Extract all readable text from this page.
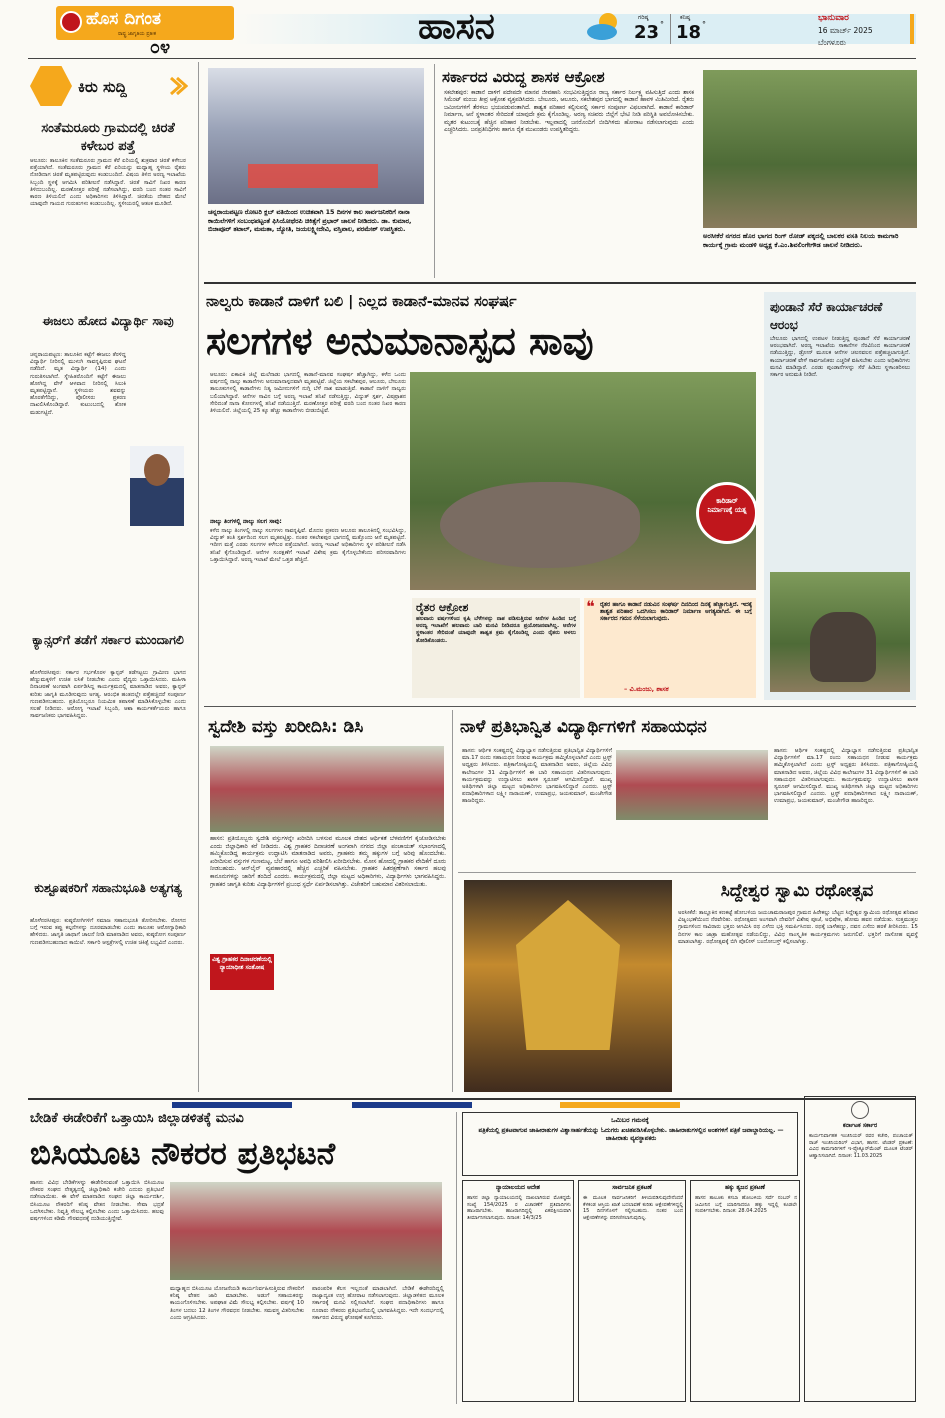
ಹೊಸ ದಿಗಂತ
ರಾಷ್ಟ್ರ ಜಾಗೃತಿಯ ಪ್ರತೀಕ
೦೪
ಹಾಸನ	ಗರಿಷ್ಠ
23 °
ಕನಿಷ್ಠ
18 °
ಭಾನುವಾರ
16 ಮಾರ್ಚ್ 2025
ಬೆಂಗಳೂರು
ಕಿರು ಸುದ್ದಿ
ಸಂತೆಮರೂರು ಗ್ರಾಮದಲ್ಲಿ ಚಿರತೆ ಕಳೇಬರ ಪತ್ತೆ
ಆಲೂರು: ತಾಲೂಕಿನ ಸಂತೆಮರೂರು ಗ್ರಾಮದ ಕೆರೆ ಏರಿಯಲ್ಲಿ ಶುಕ್ರವಾರ ಚಿರತೆ ಕಳೇಬರ ಪತ್ತೆಯಾಗಿದೆ. ಸಂತೆಮರೂರು ಗ್ರಾಮದ ಕೆರೆ ಏರಿಯನ್ನು ಮಧ್ಯಾಹ್ನ ಸ್ಥಳೀಯ ರೈತರು ನೋಡಿದಾಗ ಚಿರತೆ ಮೃತಪಟ್ಟಿರುವುದು ಕಂಡುಬಂದಿದೆ. ವಿಷಯ ತಿಳಿದ ಅರಣ್ಯ ಇಲಾಖೆಯ ಸಿಬ್ಬಂದಿ ಸ್ಥಳಕ್ಕೆ ಆಗಮಿಸಿ ಪರಿಶೀಲನೆ ನಡೆಸಿದ್ದಾರೆ. ಚಿರತೆ ಸಾವಿಗೆ ನಿಖರ ಕಾರಣ ತಿಳಿದುಬಂದಿಲ್ಲ. ಮರಣೋತ್ತರ ಪರೀಕ್ಷೆ ನಡೆಸಲಾಗಿದ್ದು, ವರದಿ ಬಂದ ನಂತರ ಸಾವಿಗೆ ಕಾರಣ ತಿಳಿಯಲಿದೆ ಎಂದು ಅಧಿಕಾರಿಗಳು ತಿಳಿಸಿದ್ದಾರೆ. ಚಿರತೆಯ ದೇಹದ ಮೇಲೆ ಯಾವುದೇ ಗಾಯದ ಗುರುತುಗಳು ಕಂಡುಬಂದಿಲ್ಲ. ಸ್ಥಳೀಯರಲ್ಲಿ ಆತಂಕ ಮೂಡಿದೆ.
ಈಜಲು ಹೋದ ವಿದ್ಯಾರ್ಥಿ ಸಾವು
ಚನ್ನರಾಯಪಟ್ಟಣ: ತಾಲೂಕಿನ ಕಟ್ಟೆಗೆ ಈಜಲು ತೆರಳಿದ್ದ ವಿದ್ಯಾರ್ಥಿ ನೀರಿನಲ್ಲಿ ಮುಳುಗಿ ಸಾವನ್ನಪ್ಪಿರುವ ಘಟನೆ ನಡೆದಿದೆ. ಮೃತ ವಿದ್ಯಾರ್ಥಿ (14) ಎಂದು ಗುರುತಿಸಲಾಗಿದೆ. ಸ್ನೇಹಿತರೊಂದಿಗೆ ಕಟ್ಟೆಗೆ ಈಜಲು ಹೋಗಿದ್ದ ವೇಳೆ ಆಳವಾದ ನೀರಿನಲ್ಲಿ ಸಿಲುಕಿ ಮೃತಪಟ್ಟಿದ್ದಾನೆ. ಸ್ಥಳೀಯರು ಶವವನ್ನು ಹೊರತೆಗೆದಿದ್ದು, ಪೊಲೀಸರು ಪ್ರಕರಣ ದಾಖಲಿಸಿಕೊಂಡಿದ್ದಾರೆ. ಕುಟುಂಬದಲ್ಲಿ ಶೋಕ ಮಡುಗಟ್ಟಿದೆ.
ಕ್ಯಾನ್ಸರ್‌ಗೆ ತಡೆಗೆ ಸರ್ಕಾರ ಮುಂದಾಗಲಿ
ಹೊಳೆನರಸೀಪುರ: ಸರ್ಕಾರ ಗರ್ಭಕೊರಳ ಕ್ಯಾನ್ಸರ್ ತಡೆಗಟ್ಟಲು ಗ್ರಾಮೀಣ ಭಾಗದ ಹೆಣ್ಣುಮಕ್ಕಳಿಗೆ ಉಚಿತ ಲಸಿಕೆ ನೀಡಬೇಕು ಎಂದು ವೈದ್ಯರು ಒತ್ತಾಯಿಸಿದರು. ಮಹಿಳಾ ದಿನಾಚರಣೆ ಅಂಗವಾಗಿ ಏರ್ಪಡಿಸಿದ್ದ ಕಾರ್ಯಕ್ರಮದಲ್ಲಿ ಮಾತನಾಡಿದ ಅವರು, ಕ್ಯಾನ್ಸರ್ ಕುರಿತು ಜಾಗೃತಿ ಮೂಡಿಸುವುದು ಅಗತ್ಯ. ಆರಂಭಿಕ ಹಂತದಲ್ಲೇ ಪತ್ತೆಹಚ್ಚಿದರೆ ಸಂಪೂರ್ಣ ಗುಣಪಡಿಸಬಹುದು. ಪ್ರತಿಯೊಬ್ಬರೂ ನಿಯಮಿತ ತಪಾಸಣೆ ಮಾಡಿಸಿಕೊಳ್ಳಬೇಕು ಎಂದು ಸಲಹೆ ನೀಡಿದರು. ಆರೋಗ್ಯ ಇಲಾಖೆ ಸಿಬ್ಬಂದಿ, ಆಶಾ ಕಾರ್ಯಕರ್ತೆಯರು ಹಾಗೂ ಸಾರ್ವಜನಿಕರು ಭಾಗವಹಿಸಿದ್ದರು.
ಕುಶ್ಟೂಷಕರಿಗೆ ಸಹಾನುಭೂತಿ ಅತ್ಯಗತ್ಯ
ಹೊಳೆನರಸೀಪುರ: ಕುಷ್ಠರೋಗಿಗಳಿಗೆ ಸಮಾಜ ಸಹಾನುಭೂತಿ ತೋರಿಸಬೇಕು. ರೋಗದ ಬಗ್ಗೆ ಇರುವ ತಪ್ಪು ಕಲ್ಪನೆಗಳನ್ನು ದೂರಮಾಡಬೇಕು ಎಂದು ತಾಲೂಕು ಆರೋಗ್ಯಾಧಿಕಾರಿ ಹೇಳಿದರು. ಜಾಗೃತಿ ಜಾಥಾಗೆ ಚಾಲನೆ ನೀಡಿ ಮಾತನಾಡಿದ ಅವರು, ಕುಷ್ಠರೋಗ ಸಂಪೂರ್ಣ ಗುಣಪಡಿಸಬಹುದಾದ ಕಾಯಿಲೆ. ಸರ್ಕಾರಿ ಆಸ್ಪತ್ರೆಗಳಲ್ಲಿ ಉಚಿತ ಚಿಕಿತ್ಸೆ ಲಭ್ಯವಿದೆ ಎಂದರು.
ಚನ್ನರಾಯಪಟ್ಟಣ ರೋಟರಿ ಕ್ಲಬ್ ವತಿಯಿಂದ ಉಚಿತವಾಗಿ 15 ದಿನಗಳ ಕಾಲ ಸಾರ್ವಜನಿಕರಿಗೆ ನಾನಾ ಕಾಯಿಲೆಗಳಿಗೆ ಸಂಬಂಧಪಟ್ಟಂತೆ ಫಿಸಿಯೋಥೆರಪಿ ಚಿಕಿತ್ಸೆಗೆ ಪ್ರಭಾರ್ ಚಾಲನೆ ನೀಡಿದರು. ಡಾ. ಕುಮಾರ, ಬಿಜಾಪೂರ್ ತಟಾಲ್, ಮಮತಾ, ಜ್ಯೋತಿ, ಜಯಲಕ್ಷ್ಮೀದೇವಿ, ವಸ್ತಿಪಾಲ, ಪರಮೇಶ್ ಉಪಸ್ಥಿತರು.
ಸರ್ಕಾರದ ವಿರುದ್ಧ ಶಾಸಕ ಆಕ್ರೋಶ
ಸಕಲೇಶಪುರ: ಕಾಡಾನೆ ದಾಳಿಗೆ ಪದೇಪದೇ ಮಾನವ ಜೀವಹಾನಿ ಸಂಭವಿಸುತ್ತಿದ್ದರೂ ರಾಜ್ಯ ಸರ್ಕಾರ ನಿರ್ಲಕ್ಷ್ಯ ವಹಿಸುತ್ತಿದೆ ಎಂದು ಶಾಸಕ ಸಿಮೆಂಟ್ ಮಂಜು ತೀವ್ರ ಆಕ್ರೋಶ ವ್ಯಕ್ತಪಡಿಸಿದರು. ಬೇಲೂರು, ಆಲೂರು, ಸಕಲೇಶಪುರ ಭಾಗದಲ್ಲಿ ಕಾಡಾನೆ ಹಾವಳಿ ಮಿತಿಮೀರಿದೆ. ರೈತರು ಜಮೀನುಗಳಿಗೆ ತೆರಳಲು ಭಯಪಡುವಂತಾಗಿದೆ. ಶಾಶ್ವತ ಪರಿಹಾರ ಕಲ್ಪಿಸುವಲ್ಲಿ ಸರ್ಕಾರ ಸಂಪೂರ್ಣ ವಿಫಲವಾಗಿದೆ. ಕಾಡಾನೆ ಕಾರಿಡಾರ್ ನಿರ್ಮಾಣ, ಆನೆ ಸ್ಥಳಾಂತರ ಸೇರಿದಂತೆ ಯಾವುದೇ ಕ್ರಮ ಕೈಗೊಂಡಿಲ್ಲ. ಅರಣ್ಯ ಸಚಿವರು ಜಿಲ್ಲೆಗೆ ಭೇಟಿ ನೀಡಿ ಪರಿಸ್ಥಿತಿ ಅವಲೋಕಿಸಬೇಕು. ಮೃತರ ಕುಟುಂಬಕ್ಕೆ ಹೆಚ್ಚಿನ ಪರಿಹಾರ ನೀಡಬೇಕು. ಇಲ್ಲವಾದಲ್ಲಿ ಜನರೊಂದಿಗೆ ಬೀದಿಗಿಳಿದು ಹೋರಾಟ ನಡೆಸಲಾಗುವುದು ಎಂದು ಎಚ್ಚರಿಸಿದರು. ಜನಪ್ರತಿನಿಧಿಗಳು ಹಾಗೂ ರೈತ ಮುಖಂಡರು ಉಪಸ್ಥಿತರಿದ್ದರು.
ಅರಸೀಕೆರೆ ನಗರದ ಹೊರ ಭಾಗದ ರಿಂಗ್ ರೋಡ್ ಪಕ್ಕದಲ್ಲಿ ಬಾಲಕರ ವಸತಿ ನಿಲಯ ಕಾಮಗಾರಿ ಕಾರ್ಯಕ್ಕೆ ಗ್ರಾಮ ಮಂಡಳಿ ಅಧ್ಯಕ್ಷ ಕೆ.ಎಂ.ಶಿವಲಿಂಗೇಗೌಡ ಚಾಲನೆ ನೀಡಿದರು.
ನಾಲ್ವರು ಕಾಡಾನೆ ದಾಳಿಗೆ ಬಲಿ | ನಿಲ್ಲದ ಕಾಡಾನೆ-ಮಾನವ ಸಂಘರ್ಷ
ಸಲಗಗಳ ಅನುಮಾನಾಸ್ಪದ ಸಾವು
ಆಲೂರು: ಏಕಾಏಕಿ ಜಿಲ್ಲೆ ಮಲೆನಾಡು ಭಾಗದಲ್ಲಿ ಕಾಡಾನೆ-ಮಾನವ ಸಂಘರ್ಷ ಹೆಚ್ಚಾಗಿದ್ದು, ಕಳೆದ ಒಂದು ವರ್ಷದಲ್ಲಿ ನಾಲ್ಕು ಕಾಡಾನೆಗಳು ಅನುಮಾನಾಸ್ಪದವಾಗಿ ಮೃತಪಟ್ಟಿವೆ. ಜಿಲ್ಲೆಯ ಸಕಲೇಶಪುರ, ಆಲೂರು, ಬೇಲೂರು ತಾಲೂಕುಗಳಲ್ಲಿ ಕಾಡಾನೆಗಳು ನಿತ್ಯ ಜಮೀನುಗಳಿಗೆ ನುಗ್ಗಿ ಬೆಳೆ ನಾಶ ಮಾಡುತ್ತಿವೆ. ಕಾಡಾನೆ ದಾಳಿಗೆ ನಾಲ್ವರು ಬಲಿಯಾಗಿದ್ದಾರೆ. ಆನೆಗಳ ಸಾವಿನ ಬಗ್ಗೆ ಅರಣ್ಯ ಇಲಾಖೆ ತನಿಖೆ ನಡೆಸುತ್ತಿದ್ದು, ವಿದ್ಯುತ್ ಸ್ಪರ್ಶ, ವಿಷಪ್ರಾಶನ ಸೇರಿದಂತೆ ನಾನಾ ಕೋನಗಳಲ್ಲಿ ತನಿಖೆ ನಡೆಯುತ್ತಿದೆ. ಮರಣೋತ್ತರ ಪರೀಕ್ಷೆ ವರದಿ ಬಂದ ನಂತರ ನಿಖರ ಕಾರಣ ತಿಳಿಯಲಿದೆ. ಜಿಲ್ಲೆಯಲ್ಲಿ 25 ಕ್ಕೂ ಹೆಚ್ಚು ಕಾಡಾನೆಗಳು ಬೀಡುಬಿಟ್ಟಿವೆ.
ನಾಲ್ಕು ತಿಂಗಳಲ್ಲಿ ನಾಲ್ಕು ಸಲಗ ಸಾವು:
ಕಳೆದ ನಾಲ್ಕು ತಿಂಗಳಲ್ಲಿ ನಾಲ್ಕು ಸಲಗಗಳು ಸಾವನ್ನಪ್ಪಿವೆ. ಮೊದಲ ಪ್ರಕರಣ ಆಲೂರು ತಾಲೂಕಿನಲ್ಲಿ ಸಂಭವಿಸಿದ್ದು, ವಿದ್ಯುತ್ ತಂತಿ ಸ್ಪರ್ಶದಿಂದ ಸಲಗ ಮೃತಪಟ್ಟಿತ್ತು. ನಂತರ ಸಕಲೇಶಪುರ ಭಾಗದಲ್ಲಿ ಮತ್ತೊಂದು ಆನೆ ಮೃತಪಟ್ಟಿದೆ. ಇದೀಗ ಮತ್ತೆ ಎರಡು ಸಲಗಗಳ ಕಳೇಬರ ಪತ್ತೆಯಾಗಿದೆ. ಅರಣ್ಯ ಇಲಾಖೆ ಅಧಿಕಾರಿಗಳು ಸ್ಥಳ ಪರಿಶೀಲನೆ ನಡೆಸಿ ತನಿಖೆ ಕೈಗೊಂಡಿದ್ದಾರೆ. ಆನೆಗಳ ಸಂರಕ್ಷಣೆಗೆ ಇಲಾಖೆ ವಿಶೇಷ ಕ್ರಮ ಕೈಗೊಳ್ಳಬೇಕೆಂದು ಪರಿಸರವಾದಿಗಳು ಒತ್ತಾಯಿಸಿದ್ದಾರೆ. ಅರಣ್ಯ ಇಲಾಖೆ ಮೇಲೆ ಒತ್ತಡ ಹೆಚ್ಚಿದೆ.
ಕಾರಿಡಾರ್ ನಿರ್ಮಾಣಕ್ಕೆ ಯತ್ನ
ರೈತರ ಆಕ್ರೋಶ
ಹಲವಾರು ವರ್ಷಗಳಿಂದ ಕೃಷಿ ಬೆಳೆಗಳನ್ನು ನಾಶ ಪಡಿಸುತ್ತಿರುವ ಆನೆಗಳ ಹಿಂಡಿನ ಬಗ್ಗೆ ಅರಣ್ಯ ಇಲಾಖೆಗೆ ಹಲವಾರು ಬಾರಿ ಮನವಿ ನೀಡಿದರೂ ಪ್ರಯೋಜನವಾಗಿಲ್ಲ. ಆನೆಗಳ ಸ್ಥಳಾಂತರ ಸೇರಿದಂತೆ ಯಾವುದೇ ಶಾಶ್ವತ ಕ್ರಮ ಕೈಗೊಂಡಿಲ್ಲ ಎಂದು ರೈತರು ಅಳಲು ತೋಡಿಕೊಂಡರು.
❝ ರೈತರ ಹಾಗೂ ಕಾಡಾನೆ ನಡುವಿನ ಸಂಘರ್ಷ ದಿನದಿಂದ ದಿನಕ್ಕೆ ಹೆಚ್ಚಾಗುತ್ತಿದೆ. ಇದಕ್ಕೆ ಶಾಶ್ವತ ಪರಿಹಾರ ಒದಗಿಸಲು ಕಾರಿಡಾರ್ ನಿರ್ಮಾಣ ಅಗತ್ಯವಾಗಿದೆ. ಈ ಬಗ್ಗೆ ಸರ್ಕಾರದ ಗಮನ ಸೆಳೆಯಲಾಗುವುದು.
– ವಿ.ಮಂಜು, ಶಾಸಕ
ಪುಂಡಾನೆ ಸೆರೆ ಕಾರ್ಯಾಚರಣೆ ಆರಂಭ
ಬೇಲೂರು ಭಾಗದಲ್ಲಿ ಉಪಟಳ ನೀಡುತ್ತಿದ್ದ ಪುಂಡಾನೆ ಸೆರೆ ಕಾರ್ಯಾಚರಣೆ ಆರಂಭವಾಗಿದೆ. ಅರಣ್ಯ ಇಲಾಖೆಯ ಸಾಕಾನೆಗಳ ನೆರವಿನಿಂದ ಕಾರ್ಯಾಚರಣೆ ನಡೆಯುತ್ತಿದ್ದು, ಡ್ರೋನ್ ಮೂಲಕ ಆನೆಗಳ ಚಲನವಲನ ಪತ್ತೆಹಚ್ಚಲಾಗುತ್ತಿದೆ. ಕಾರ್ಯಾಚರಣೆ ವೇಳೆ ಸಾರ್ವಜನಿಕರು ಎಚ್ಚರಿಕೆ ವಹಿಸಬೇಕು ಎಂದು ಅಧಿಕಾರಿಗಳು ಮನವಿ ಮಾಡಿದ್ದಾರೆ. ಎರಡು ಪುಂಡಾನೆಗಳನ್ನು ಸೆರೆ ಹಿಡಿದು ಸ್ಥಳಾಂತರಿಸಲು ಸರ್ಕಾರ ಅನುಮತಿ ನೀಡಿದೆ.
ಸ್ವದೇಶಿ ವಸ್ತು ಖರೀದಿಸಿ: ಡಿಸಿ
ಹಾಸನ: ಪ್ರತಿಯೊಬ್ಬರು ಸ್ವದೇಶಿ ವಸ್ತುಗಳನ್ನೇ ಖರೀದಿಸಿ ಬಳಸುವ ಮೂಲಕ ದೇಶದ ಆರ್ಥಿಕತೆ ಬೆಳವಣಿಗೆಗೆ ಕೈಜೋಡಿಸಬೇಕು ಎಂದು ಜಿಲ್ಲಾಧಿಕಾರಿ ಕರೆ ನೀಡಿದರು. ವಿಶ್ವ ಗ್ರಾಹಕರ ದಿನಾಚರಣೆ ಅಂಗವಾಗಿ ನಗರದ ಜಿಲ್ಲಾ ಪಂಚಾಯತ್ ಸಭಾಂಗಣದಲ್ಲಿ ಹಮ್ಮಿಕೊಂಡಿದ್ದ ಕಾರ್ಯಕ್ರಮ ಉದ್ಘಾಟಿಸಿ ಮಾತನಾಡಿದ ಅವರು, ಗ್ರಾಹಕರು ತಮ್ಮ ಹಕ್ಕುಗಳ ಬಗ್ಗೆ ಅರಿವು ಹೊಂದಬೇಕು. ಖರೀದಿಸುವ ವಸ್ತುಗಳ ಗುಣಮಟ್ಟ, ಬೆಲೆ ಹಾಗೂ ಅವಧಿ ಪರಿಶೀಲಿಸಿ ಖರೀದಿಸಬೇಕು. ಮೋಸ ಹೋದಲ್ಲಿ ಗ್ರಾಹಕರ ವೇದಿಕೆಗೆ ದೂರು ನೀಡಬಹುದು. ಆನ್‌ಲೈನ್ ವ್ಯವಹಾರದಲ್ಲಿ ಹೆಚ್ಚಿನ ಎಚ್ಚರಿಕೆ ವಹಿಸಬೇಕು. ಗ್ರಾಹಕರ ಹಿತರಕ್ಷಣೆಗಾಗಿ ಸರ್ಕಾರ ಹಲವು ಕಾನೂನುಗಳನ್ನು ಜಾರಿಗೆ ತಂದಿದೆ ಎಂದರು. ಕಾರ್ಯಕ್ರಮದಲ್ಲಿ ಜಿಲ್ಲಾ ಮಟ್ಟದ ಅಧಿಕಾರಿಗಳು, ವಿದ್ಯಾರ್ಥಿಗಳು ಭಾಗವಹಿಸಿದ್ದರು. ಗ್ರಾಹಕರ ಜಾಗೃತಿ ಕುರಿತು ವಿದ್ಯಾರ್ಥಿಗಳಿಗೆ ಪ್ರಬಂಧ ಸ್ಪರ್ಧೆ ಏರ್ಪಡಿಸಲಾಗಿತ್ತು. ವಿಜೇತರಿಗೆ ಬಹುಮಾನ ವಿತರಿಸಲಾಯಿತು.
ವಿಶ್ವ ಗ್ರಾಹಕರ ದಿನಾಚರಣೆಯಲ್ಲಿ ನ್ಯಾಯಾಧೀಶ ಸಂತೋಷ
ನಾಳೆ ಪ್ರತಿಭಾನ್ವಿತ ವಿದ್ಯಾರ್ಥಿಗಳಿಗೆ ಸಹಾಯಧನ
ಹಾಸನ: ಆರ್ಥಿಕ ಸಂಕಷ್ಟದಲ್ಲಿ ವಿದ್ಯಾಭ್ಯಾಸ ನಡೆಸುತ್ತಿರುವ ಪ್ರತಿಭಾನ್ವಿತ ವಿದ್ಯಾರ್ಥಿಗಳಿಗೆ ಮಾ.17 ರಂದು ಸಹಾಯಧನ ನೀಡುವ ಕಾರ್ಯಕ್ರಮ ಹಮ್ಮಿಕೊಳ್ಳಲಾಗಿದೆ ಎಂದು ಟ್ರಸ್ಟ್ ಅಧ್ಯಕ್ಷರು ತಿಳಿಸಿದರು. ಪತ್ರಿಕಾಗೋಷ್ಠಿಯಲ್ಲಿ ಮಾತನಾಡಿದ ಅವರು, ಜಿಲ್ಲೆಯ ವಿವಿಧ ಕಾಲೇಜುಗಳ 31 ವಿದ್ಯಾರ್ಥಿಗಳಿಗೆ ಈ ಬಾರಿ ಸಹಾಯಧನ ವಿತರಿಸಲಾಗುವುದು. ಕಾರ್ಯಕ್ರಮವನ್ನು ಉದ್ಘಾಟಿಸಲು ಶಾಸಕ ಸ್ವರೂಪ್ ಆಗಮಿಸಲಿದ್ದಾರೆ. ಮುಖ್ಯ ಅತಿಥಿಗಳಾಗಿ ಜಿಲ್ಲಾ ಮಟ್ಟದ ಅಧಿಕಾರಿಗಳು ಭಾಗವಹಿಸಲಿದ್ದಾರೆ ಎಂದರು. ಟ್ರಸ್ಟ್ ಪದಾಧಿಕಾರಿಗಳಾದ ಲಕ್ಷ್ಮೀ ನಾರಾಯಣ್, ಉಮಾಪ್ರಭ, ಜಯಕುಮಾರ್, ಮಂಜೇಗೌಡ ಹಾಜರಿದ್ದರು.
ಹಾಸನ: ಆರ್ಥಿಕ ಸಂಕಷ್ಟದಲ್ಲಿ ವಿದ್ಯಾಭ್ಯಾಸ ನಡೆಸುತ್ತಿರುವ ಪ್ರತಿಭಾನ್ವಿತ ವಿದ್ಯಾರ್ಥಿಗಳಿಗೆ ಮಾ.17 ರಂದು ಸಹಾಯಧನ ನೀಡುವ ಕಾರ್ಯಕ್ರಮ ಹಮ್ಮಿಕೊಳ್ಳಲಾಗಿದೆ ಎಂದು ಟ್ರಸ್ಟ್ ಅಧ್ಯಕ್ಷರು ತಿಳಿಸಿದರು. ಪತ್ರಿಕಾಗೋಷ್ಠಿಯಲ್ಲಿ ಮಾತನಾಡಿದ ಅವರು, ಜಿಲ್ಲೆಯ ವಿವಿಧ ಕಾಲೇಜುಗಳ 31 ವಿದ್ಯಾರ್ಥಿಗಳಿಗೆ ಈ ಬಾರಿ ಸಹಾಯಧನ ವಿತರಿಸಲಾಗುವುದು. ಕಾರ್ಯಕ್ರಮವನ್ನು ಉದ್ಘಾಟಿಸಲು ಶಾಸಕ ಸ್ವರೂಪ್ ಆಗಮಿಸಲಿದ್ದಾರೆ. ಮುಖ್ಯ ಅತಿಥಿಗಳಾಗಿ ಜಿಲ್ಲಾ ಮಟ್ಟದ ಅಧಿಕಾರಿಗಳು ಭಾಗವಹಿಸಲಿದ್ದಾರೆ ಎಂದರು. ಟ್ರಸ್ಟ್ ಪದಾಧಿಕಾರಿಗಳಾದ ಲಕ್ಷ್ಮೀ ನಾರಾಯಣ್, ಉಮಾಪ್ರಭ, ಜಯಕುಮಾರ್, ಮಂಜೇಗೌಡ ಹಾಜರಿದ್ದರು.
ಸಿದ್ದೇಶ್ವರ ಸ್ವಾಮಿ ರಥೋತ್ಸವ
ಅರಸೀಕೆರೆ: ತಾಲ್ಲೂಕಿನ ಕಣಕಟ್ಟೆ ಹೋಬಳಿಯ ಜಯಚಾಮರಾಜಪುರ ಗ್ರಾಮದ ಹಿರೇಕಲ್ಲು ಬೆಟ್ಟದ ಸಿದ್ದೇಶ್ವರ ಸ್ವಾಮಿಯ ರಥೋತ್ಸವ ಶನಿವಾರ ವಿಜೃಂಭಣೆಯಿಂದ ನೆರವೇರಿತು. ರಥೋತ್ಸವದ ಅಂಗವಾಗಿ ದೇವರಿಗೆ ವಿಶೇಷ ಪೂಜೆ, ಅಭಿಷೇಕ, ಹೋಮ ಹವನ ನಡೆಯಿತು. ಸುತ್ತಮುತ್ತಲ ಗ್ರಾಮಗಳಿಂದ ಸಾವಿರಾರು ಭಕ್ತರು ಆಗಮಿಸಿ ರಥ ಎಳೆದು ಭಕ್ತಿ ಸಮರ್ಪಿಸಿದರು. ರಥಕ್ಕೆ ಬಾಳೆಹಣ್ಣು, ದವನ ಎಸೆದು ಹರಕೆ ತೀರಿಸಿದರು. 15 ದಿನಗಳ ಕಾಲ ಜಾತ್ರಾ ಮಹೋತ್ಸವ ನಡೆಯಲಿದ್ದು, ವಿವಿಧ ಸಾಂಸ್ಕೃತಿಕ ಕಾರ್ಯಕ್ರಮಗಳು ಜರುಗಲಿವೆ. ಭಕ್ತರಿಗೆ ದಾಸೋಹ ವ್ಯವಸ್ಥೆ ಮಾಡಲಾಗಿತ್ತು. ರಥೋತ್ಸವಕ್ಕೆ ಬಿಗಿ ಪೊಲೀಸ್ ಬಂದೋಬಸ್ತ್ ಕಲ್ಪಿಸಲಾಗಿತ್ತು.
ಬೇಡಿಕೆ ಈಡೇರಿಕೆಗೆ ಒತ್ತಾಯಿಸಿ ಜಿಲ್ಲಾಡಳಿತಕ್ಕೆ ಮನವಿ
ಬಿಸಿಯೂಟ ನೌಕರರ ಪ್ರತಿಭಟನೆ
ಹಾಸನ: ವಿವಿಧ ಬೇಡಿಕೆಗಳನ್ನು ಈಡೇರಿಸುವಂತೆ ಒತ್ತಾಯಿಸಿ ಬಿಸಿಯೂಟ ನೌಕರರ ಸಂಘದ ನೇತೃತ್ವದಲ್ಲಿ ಜಿಲ್ಲಾಧಿಕಾರಿ ಕಚೇರಿ ಎದುರು ಪ್ರತಿಭಟನೆ ನಡೆಸಲಾಯಿತು. ಈ ವೇಳೆ ಮಾತನಾಡಿದ ಸಂಘದ ಜಿಲ್ಲಾ ಕಾರ್ಯದರ್ಶಿ, ಬಿಸಿಯೂಟ ನೌಕರರಿಗೆ ಕನಿಷ್ಠ ವೇತನ ನೀಡಬೇಕು. ಸೇವಾ ಭದ್ರತೆ ಒದಗಿಸಬೇಕು. ನಿವೃತ್ತಿ ಸೌಲಭ್ಯ ಕಲ್ಪಿಸಬೇಕು ಎಂದು ಒತ್ತಾಯಿಸಿದರು. ಹಲವು ವರ್ಷಗಳಿಂದ ಕಡಿಮೆ ಗೌರವಧನಕ್ಕೆ ದುಡಿಯುತ್ತಿದ್ದೇವೆ.
ಮಧ್ಯಾಹ್ನದ ಬಿಸಿಯೂಟ ಯೋಜನೆಯಡಿ ಕಾರ್ಯನಿರ್ವಹಿಸುತ್ತಿರುವ ನೌಕರರಿಗೆ ಕನಿಷ್ಠ ವೇತನ ಜಾರಿ ಮಾಡಬೇಕು. ಅಡುಗೆ ಸಹಾಯಕರನ್ನು ಕಾಯಂಗೊಳಿಸಬೇಕು. ಅಪಘಾತ ವಿಮೆ ಸೌಲಭ್ಯ ಕಲ್ಪಿಸಬೇಕು. ವರ್ಷಕ್ಕೆ 10 ತಿಂಗಳ ಬದಲು 12 ತಿಂಗಳ ಗೌರವಧನ ನೀಡಬೇಕು. ಸಮವಸ್ತ್ರ ವಿತರಿಸಬೇಕು ಎಂದು ಆಗ್ರಹಿಸಿದರು.
ಪಾರಂಪರಿಕ ಕೆಲಸ ಇಲ್ಲದಂತೆ ಮಾಡಲಾಗಿದೆ. ಬೇಡಿಕೆ ಈಡೇರದಿದ್ದಲ್ಲಿ ರಾಜ್ಯಾದ್ಯಂತ ಉಗ್ರ ಹೋರಾಟ ನಡೆಸಲಾಗುವುದು. ಜಿಲ್ಲಾಡಳಿತದ ಮೂಲಕ ಸರ್ಕಾರಕ್ಕೆ ಮನವಿ ಸಲ್ಲಿಸಲಾಗಿದೆ. ಸಂಘದ ಪದಾಧಿಕಾರಿಗಳು ಹಾಗೂ ನೂರಾರು ನೌಕರರು ಪ್ರತಿಭಟನೆಯಲ್ಲಿ ಭಾಗವಹಿಸಿದ್ದರು. ಇದೇ ಸಂದರ್ಭದಲ್ಲಿ ಸರ್ಕಾರದ ವಿರುದ್ಧ ಘೋಷಣೆ ಕೂಗಿದರು.
ಒಮಿಬರ ಗಮನಕ್ಕೆ
ಪತ್ರಿಕೆಯಲ್ಲಿ ಪ್ರಕಟವಾಗುವ ಜಾಹೀರಾತುಗಳ ವಿಶ್ವಾಸಾರ್ಹತೆಯನ್ನು ಓದುಗರು ಖಚಿತಪಡಿಸಿಕೊಳ್ಳಬೇಕು. ಜಾಹೀರಾತುಗಳಲ್ಲಿನ ಅಂಶಗಳಿಗೆ ಪತ್ರಿಕೆ ಜವಾಬ್ದಾರಿಯಲ್ಲ. — ಜಾಹೀರಾತು ವ್ಯವಸ್ಥಾಪಕರು
ನ್ಯಾಯಾಲಯದ ಆದೇಶ
ಹಾಸನ ಜಿಲ್ಲಾ ನ್ಯಾಯಾಲಯದಲ್ಲಿ ದಾಖಲಾಗಿರುವ ಮೊಕದ್ದಮೆ ಸಂಖ್ಯೆ 154/2025 ರ ವಿಚಾರಣೆಗೆ ಪ್ರತಿವಾದಿಗಳು ಹಾಜರಾಗಬೇಕು. ಹಾಜರಾಗದಿದ್ದಲ್ಲಿ ಏಕಪಕ್ಷೀಯವಾಗಿ ತೀರ್ಮಾನಿಸಲಾಗುವುದು. ದಿನಾಂಕ: 14/3/25
ಸಾರ್ವಜನಿಕ ಪ್ರಕಟಣೆ
ಈ ಮೂಲಕ ಸಾರ್ವಜನಿಕರಿಗೆ ತಿಳಿಯಪಡಿಸುವುದೇನೆಂದರೆ ಕೆಳಕಂಡ ಆಸ್ತಿಯ ಖಾತೆ ಬದಲಾವಣೆ ಕುರಿತು ಆಕ್ಷೇಪಣೆಗಳಿದ್ದಲ್ಲಿ 15 ದಿನಗಳೊಳಗೆ ಸಲ್ಲಿಸಬಹುದು. ನಂತರ ಬಂದ ಆಕ್ಷೇಪಣೆಗಳನ್ನು ಪರಿಗಣಿಸಲಾಗುವುದಿಲ್ಲ.
ಹಕ್ಕು ತ್ಯಜನ ಪ್ರಕಟಣೆ
ಹಾಸನ ತಾಲೂಕು ಕಸಬಾ ಹೋಬಳಿಯ ಸರ್ವೆ ನಂಬರ್ ನ ಜಮೀನಿನ ಬಗ್ಗೆ ಯಾರಿಗಾದರೂ ಹಕ್ಕು ಇದ್ದಲ್ಲಿ ಕೂಡಲೇ ಸಂಪರ್ಕಿಸಬೇಕು. ದಿನಾಂಕ: 28.04.2025
ಕರ್ನಾಟಕ ಸರ್ಕಾರ
ಕಾರ್ಯನಿರ್ವಾಹಕ ಇಂಜಿನಿಯರ್ ರವರ ಕಚೇರಿ, ಪಂಚಾಯತ್ ರಾಜ್ ಇಂಜಿನಿಯರಿಂಗ್ ವಿಭಾಗ, ಹಾಸನ. ಟೆಂಡರ್ ಪ್ರಕಟಣೆ: ವಿವಿಧ ಕಾಮಗಾರಿಗಳಿಗೆ ಇ-ಪ್ರೊಕ್ಯೂರ್‌ಮೆಂಟ್ ಮೂಲಕ ಟೆಂಡರ್ ಆಹ್ವಾನಿಸಲಾಗಿದೆ. ದಿನಾಂಕ: 11.03.2025
